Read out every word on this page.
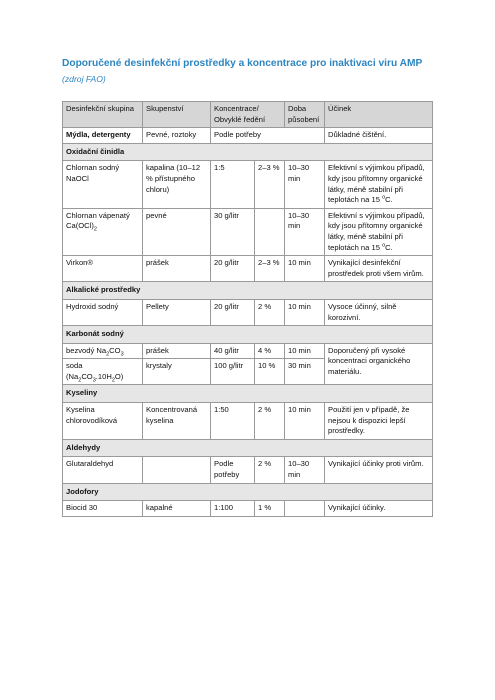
Doporučené desinfekční prostředky a koncentrace pro inaktivaci viru AMP
(zdroj FAO)
Desinfekční skupina	Skupenství	Koncentrace/ Obvyklé ředění		Doba působení	Účinek
Mýdla, detergenty	Pevné, roztoky	Podle potřeby			Důkladné čištění.
Oxidační činidla					
Chlornan sodný NaOCl	kapalina (10–12 % přístupného chloru)	1:5	2–3 %	10–30 min	Efektivní s výjimkou případů, kdy jsou přítomny organické látky, méně stabilní při teplotách na 15 $^o$C.
Chlornan vápenatý $Ca(OCl)_2$	pevné	30 g/litr		10–30 min	Efektivní s výjimkou případů, kdy jsou přítomny organické látky, méně stabilní při teplotách na 15 $^o$C.
Virkon®	prášek	20 g/litr	2–3 %	10 min	Vynikající desinfekční prostředek proti všem virům.
Alkalické prostředky					
Hydroxid sodný	Pellety	20 g/litr	2 %	10 min	Vysoce účinný, silně korozivní.
Karbonát sodný					
bezvodý $Na_2CO_3$	prášek	40 g/litr	4 %	10 min	Doporučený při vysoké koncentraci organického materiálu.
soda
$(Na_2CO_3.10H_2O)$	krystaly	100 g/litr	10 %	30 min	
Kyseliny					
Kyselina chlorovodíková	Koncentrovaná kyselina	1:50	2 %	10 min	Použití jen v případě, že nejsou k dispozici lepší prostředky.
Aldehydy					
Glutaraldehyd		Podle potřeby	2 %	10–30 min	Vynikající účinky proti virům.
Jodofory					
Biocid 30	kapalné	1:100	1 %		Vynikající účinky.
